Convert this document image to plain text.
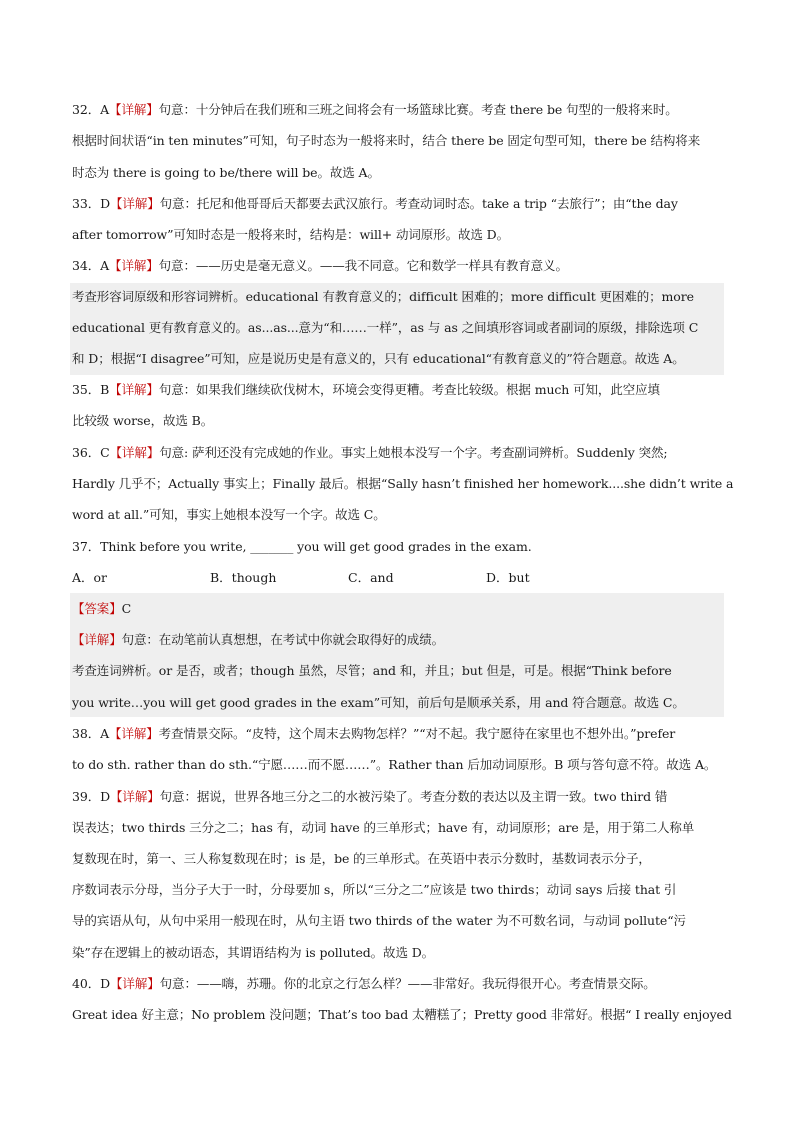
32．A【详解】句意：十分钟后在我们班和三班之间将会有一场篮球比赛。考查 there be 句型的一般将来时。
根据时间状语“in ten minutes”可知，句子时态为一般将来时，结合 there be 固定句型可知，there be 结构将来
时态为 there is going to be/there will be。故选 A。
33．D【详解】句意：托尼和他哥哥后天都要去武汉旅行。考查动词时态。take a trip “去旅行”；由“the day
after tomorrow”可知时态是一般将来时，结构是：will+ 动词原形。故选 D。
34．A【详解】句意：——历史是毫无意义。——我不同意。它和数学一样具有教育意义。
考查形容词原级和形容词辨析。educational 有教育意义的；difficult 困难的；more difficult 更困难的；more
educational 更有教育意义的。as...as...意为“和……一样”，as 与 as 之间填形容词或者副词的原级，排除选项 C
和 D；根据“I disagree”可知，应是说历史是有意义的，只有 educational“有教育意义的”符合题意。故选 A。
35．B【详解】句意：如果我们继续砍伐树木，环境会变得更糟。考查比较级。根据 much 可知，此空应填
比较级 worse，故选 B。
36．C【详解】句意: 萨利还没有完成她的作业。事实上她根本没写一个字。考查副词辨析。Suddenly 突然;
Hardly 几乎不；Actually 事实上；Finally 最后。根据“Sally hasn’t finished her homework....she didn’t write a
word at all.”可知，事实上她根本没写一个字。故选 C。
37．Think before you write, _______ you will get good grades in the exam.
【答案】C
【详解】句意：在动笔前认真想想，在考试中你就会取得好的成绩。
考查连词辨析。or 是否，或者；though 虽然，尽管；and 和，并且；but 但是，可是。根据“Think before
you write…you will get good grades in the exam”可知，前后句是顺承关系，用 and 符合题意。故选 C。
38．A【详解】考查情景交际。“皮特，这个周末去购物怎样？”“对不起。我宁愿待在家里也不想外出。”prefer
to do sth. rather than do sth.“宁愿……而不愿……”。Rather than 后加动词原形。B 项与答句意不符。故选 A。
39．D【详解】句意：据说，世界各地三分之二的水被污染了。考查分数的表达以及主谓一致。two third 错
误表达；two thirds 三分之二；has 有，动词 have 的三单形式；have 有，动词原形；are 是，用于第二人称单
复数现在时，第一、三人称复数现在时；is 是，be 的三单形式。在英语中表示分数时，基数词表示分子，
序数词表示分母，当分子大于一时，分母要加 s，所以“三分之二”应该是 two thirds；动词 says 后接 that 引
导的宾语从句，从句中采用一般现在时，从句主语 two thirds of the water 为不可数名词，与动词 pollute“污
染”存在逻辑上的被动语态，其谓语结构为 is polluted。故选 D。
40．D【详解】句意：——嗨，苏珊。你的北京之行怎么样？——非常好。我玩得很开心。考查情景交际。
Great idea 好主意；No problem 没问题；That’s too bad 太糟糕了；Pretty good 非常好。根据“ I really enjoyed
A．or	B．though	C．and	D．but
